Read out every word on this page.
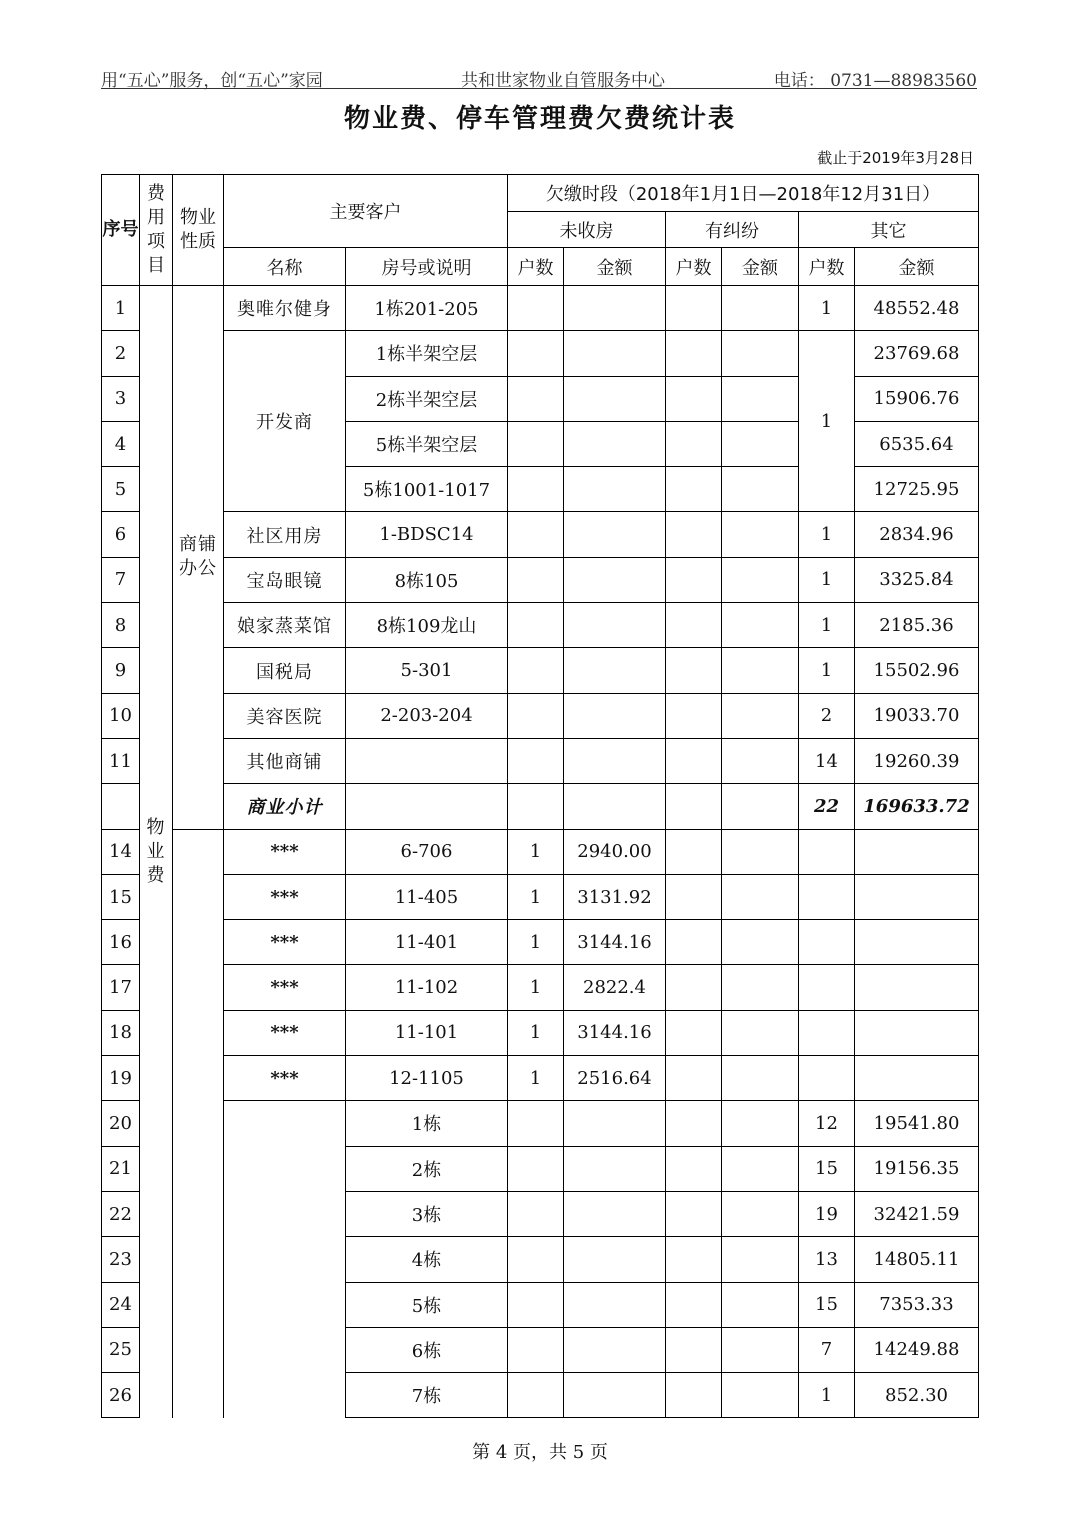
用“五心”服务，创“五心”家园	共和世家物业自管服务中心	电话： 0731—88983560
物业费、停车管理费欠费统计表
截止于2019年3月28日
序号	费用项目	物业性质	主要客户		欠缴时段（2018年1月1日—2018年12月31日）					
					未收房		有纠纷		其它	
			名称	房号或说明	户数	金额	户数	金额	户数	金额
1	物业费	商铺办公	奥唯尔健身	1栋201-205					1	48552.48
2			开发商	1栋半架空层					1	23769.68
3				2栋半架空层						15906.76
4				5栋半架空层						6535.64
5				5栋1001-1017						12725.95
6			社区用房	1-BDSC14					1	2834.96
7			宝岛眼镜	8栋105					1	3325.84
8			娘家蒸菜馆	8栋109龙山					1	2185.36
9			国税局	5-301					1	15502.96
10			美容医院	2-203-204					2	19033.70
11			其他商铺						14	19260.39
			商业小计						22	169633.72
14			***	6-706	1	2940.00				
15			***	11-405	1	3131.92				
16			***	11-401	1	3144.16				
17			***	11-102	1	2822.4				
18			***	11-101	1	3144.16				
19			***	12-1105	1	2516.64				
20				1栋					12	19541.80
21				2栋					15	19156.35
22				3栋					19	32421.59
23				4栋					13	14805.11
24				5栋					15	7353.33
25				6栋					7	14249.88
26				7栋					1	852.30
第 4 页，共 5 页
